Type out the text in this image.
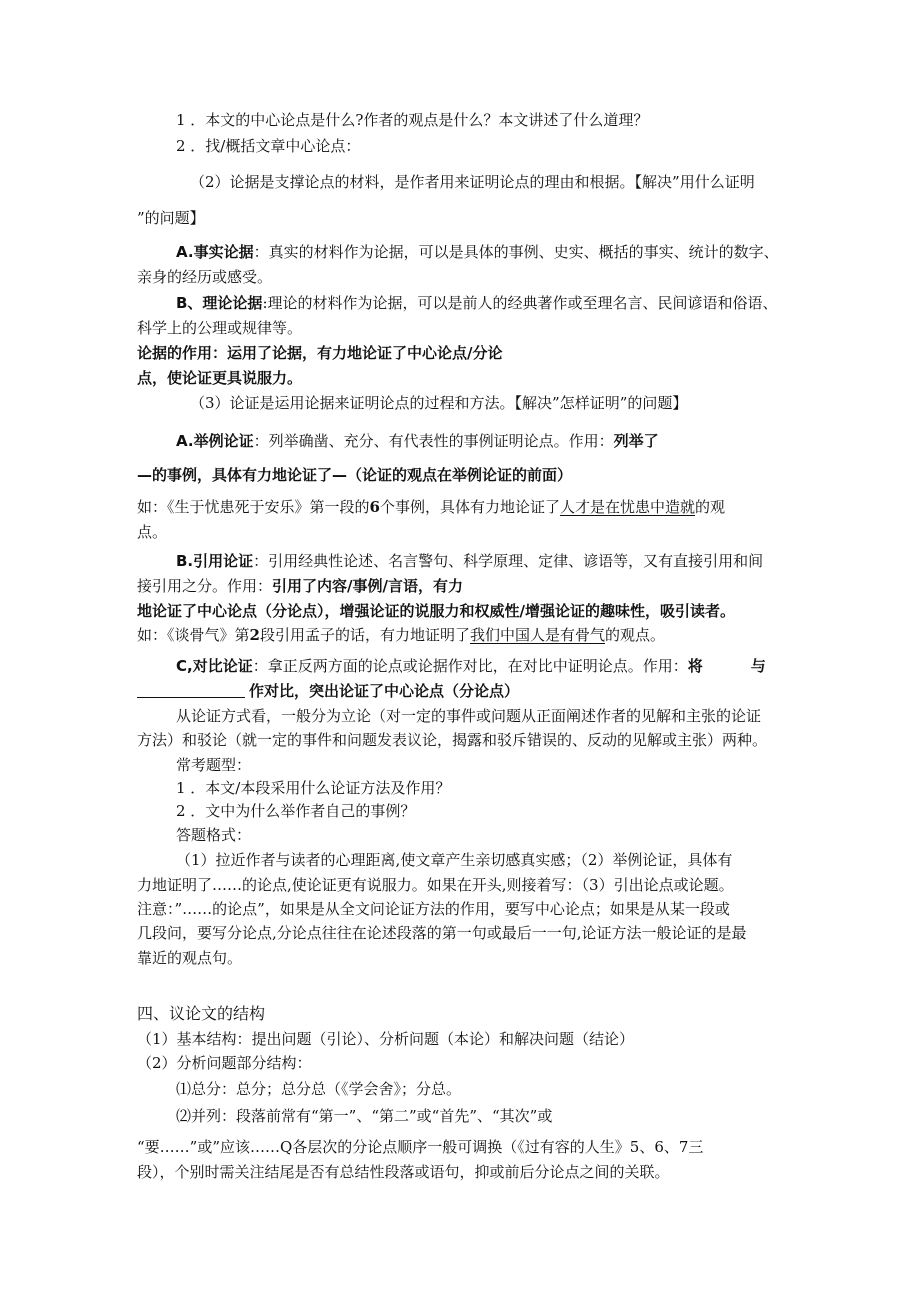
1 ．本文的中心论点是什么?作者的观点是什么？本文讲述了什么道理？
2 ．找/概括文章中心论点：
（2）论据是支撑论点的材料，是作者用来证明论点的理由和根据。【解决”用什么证明
”的问题】
A.事实论据：真实的材料作为论据，可以是具体的事例、史实、概括的事实、统计的数字、
亲身的经历或感受。
B、理论论据:理论的材料作为论据，可以是前人的经典著作或至理名言、民间谚语和俗语、
科学上的公理或规律等。
论据的作用：运用了论据，有力地论证了中心论点/分论
点，使论证更具说服力。
（3）论证是运用论据来证明论点的过程和方法。【解决”怎样证明”的问题】
A.举例论证：列举确凿、充分、有代表性的事例证明论点。作用：列举了
—的事例，具体有力地论证了—（论证的观点在举例论证的前面）
如：《生于忧患死于安乐》第一段的6个事例，具体有力地论证了人才是在忧患中造就的观
点。
B.引用论证：引用经典性论述、名言警句、科学原理、定律、谚语等，又有直接引用和间
接引用之分。作用：引用了内容/事例/言语，有力
地论证了中心论点（分论点），增强论证的说服力和权威性/增强论证的趣味性，吸引读者。
如：《谈骨气》第2段引用孟子的话，有力地证明了我们中国人是有骨气的观点。
C,对比论证：拿正反两方面的论点或论据作对比，在对比中证明论点。作用：将	与
作对比，突出论证了中心论点（分论点）
从论证方式看，一般分为立论（对一定的事件或问题从正面阐述作者的见解和主张的论证
方法）和驳论（就一定的事件和问题发表议论，揭露和驳斥错误的、反动的见解或主张）两种。
常考题型：
1 ．本文/本段采用什么论证方法及作用？
2 ．文中为什么举作者自己的事例？
答题格式：
（1）拉近作者与读者的心理距离,使文章产生亲切感真实感；（2）举例论证，具体有
力地证明了……的论点,使论证更有说服力。如果在开头,则接着写：（3）引出论点或论题。
注意：”……的论点”，如果是从全文问论证方法的作用，要写中心论点；如果是从某一段或
几段问，要写分论点,分论点往往在论述段落的第一句或最后一一句,论证方法一般论证的是最
靠近的观点句。
四、议论文的结构
（1）基本结构：提出问题（引论）、分析问题（本论）和解决问题（结论）
（2）分析问题部分结构：
⑴总分：总分；总分总（《学会舍》；分总。
⑵并列：段落前常有“第一”、“第二”或“首先”、“其次”或
“要……”或”应该……Q各层次的分论点顺序一般可调换（《过有容的人生》5、6、7三
段），个别时需关注结尾是否有总结性段落或语句，抑或前后分论点之间的关联。
